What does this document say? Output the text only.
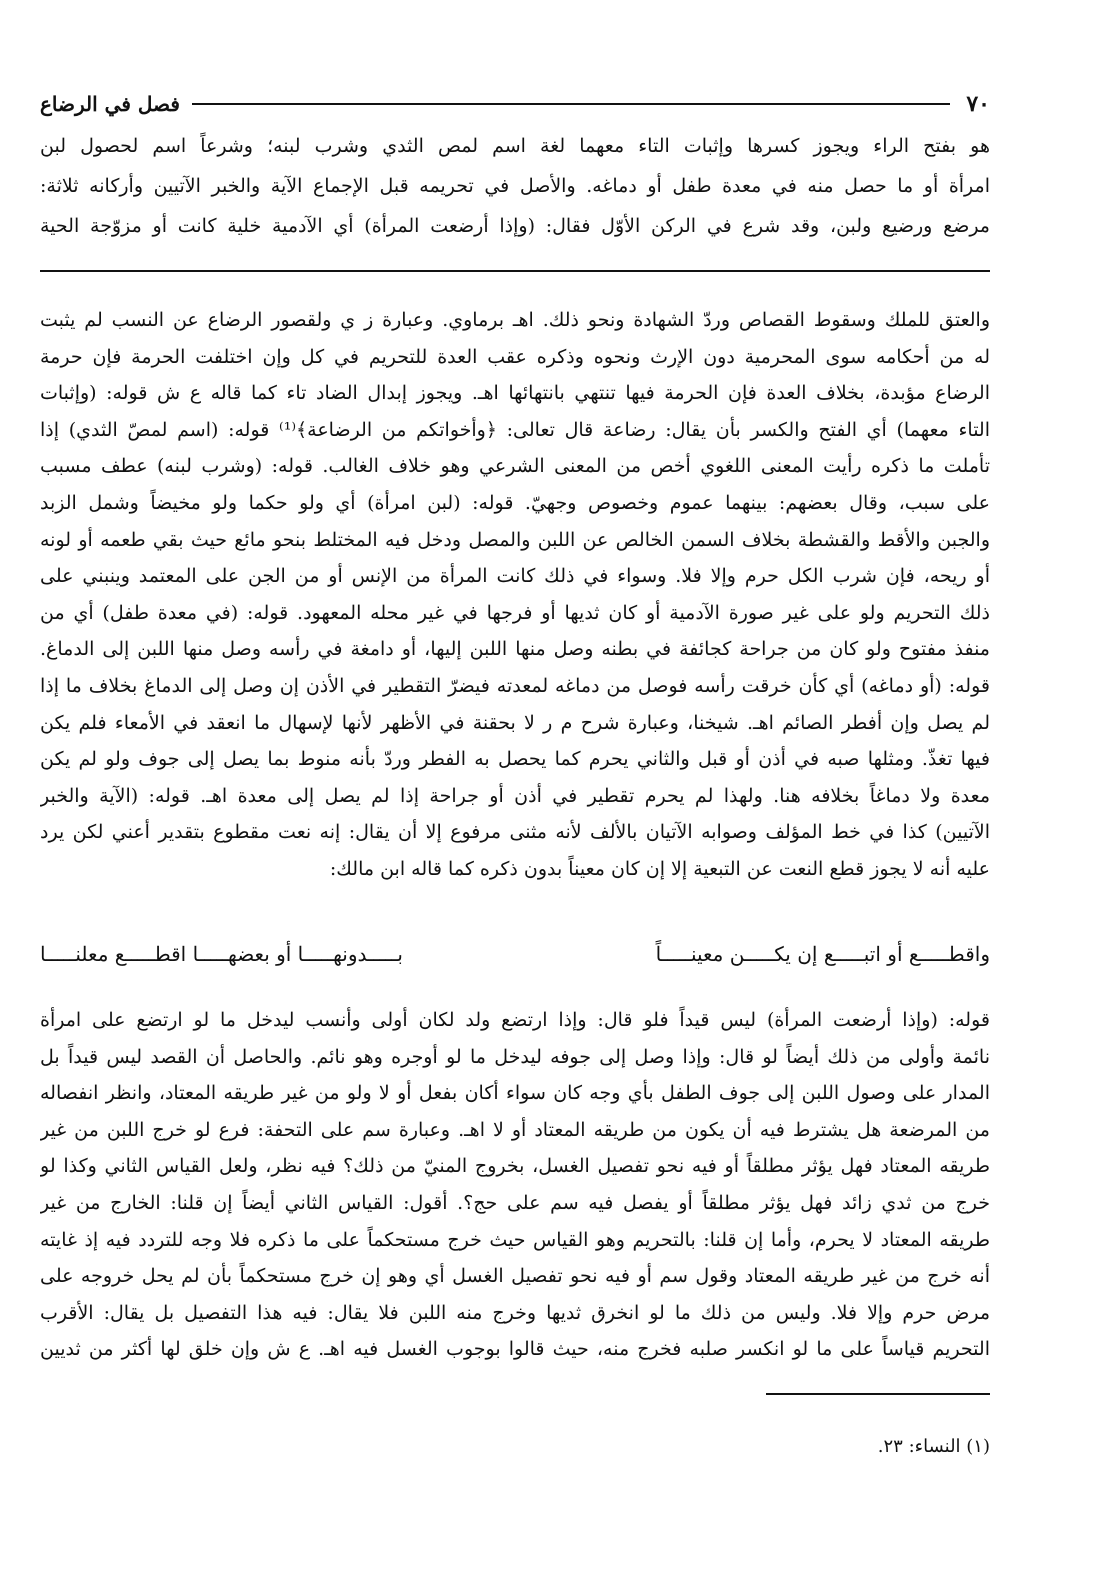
٧٠
فصل في الرضاع
هو بفتح الراء ويجوز كسرها وإثبات التاء معهما لغة اسم لمص الثدي وشرب لبنه؛ وشرعاً اسم لحصول لبن
امرأة أو ما حصل منه في معدة طفل أو دماغه. والأصل في تحريمه قبل الإجماع الآية والخبر الآتيين وأركانه ثلاثة:
مرضع ورضيع ولبن، وقد شرع في الركن الأوّل فقال: (وإذا أرضعت المرأة) أي الآدمية خلية كانت أو مزوّجة الحية
والعتق للملك وسقوط القصاص وردّ الشهادة ونحو ذلك. اهـ برماوي. وعبارة ز ي ولقصور الرضاع عن النسب لم يثبت
له من أحكامه سوى المحرمية دون الإرث ونحوه وذكره عقب العدة للتحريم في كل وإن اختلفت الحرمة فإن حرمة
الرضاع مؤبدة، بخلاف العدة فإن الحرمة فيها تنتهي بانتهائها اهـ. ويجوز إبدال الضاد تاء كما قاله ع ش قوله: (وإثبات
التاء معهما) أي الفتح والكسر بأن يقال: رضاعة قال تعالى: ﴿وأخواتكم من الرضاعة﴾⁽¹⁾ قوله: (اسم لمصّ الثدي) إذا
تأملت ما ذكره رأيت المعنى اللغوي أخص من المعنى الشرعي وهو خلاف الغالب. قوله: (وشرب لبنه) عطف مسبب
على سبب، وقال بعضهم: بينهما عموم وخصوص وجهيّ. قوله: (لبن امرأة) أي ولو حكما ولو مخيضاً وشمل الزبد
والجبن والأقط والقشطة بخلاف السمن الخالص عن اللبن والمصل ودخل فيه المختلط بنحو مائع حيث بقي طعمه أو لونه
أو ريحه، فإن شرب الكل حرم وإلا فلا. وسواء في ذلك كانت المرأة من الإنس أو من الجن على المعتمد وينبني على
ذلك التحريم ولو على غير صورة الآدمية أو كان ثديها أو فرجها في غير محله المعهود. قوله: (في معدة طفل) أي من
منفذ مفتوح ولو كان من جراحة كجائفة في بطنه وصل منها اللبن إليها، أو دامغة في رأسه وصل منها اللبن إلى الدماغ.
قوله: (أو دماغه) أي كأن خرقت رأسه فوصل من دماغه لمعدته فيضرّ التقطير في الأذن إن وصل إلى الدماغ بخلاف ما إذا
لم يصل وإن أفطر الصائم اهـ. شيخنا، وعبارة شرح م ر لا بحقنة في الأظهر لأنها لإسهال ما انعقد في الأمعاء فلم يكن
فيها تغذّ. ومثلها صبه في أذن أو قبل والثاني يحرم كما يحصل به الفطر وردّ بأنه منوط بما يصل إلى جوف ولو لم يكن
معدة ولا دماغاً بخلافه هنا. ولهذا لم يحرم تقطير في أذن أو جراحة إذا لم يصل إلى معدة اهـ. قوله: (الآية والخبر
الآتيين) كذا في خط المؤلف وصوابه الآتيان بالألف لأنه مثنى مرفوع إلا أن يقال: إنه نعت مقطوع بتقدير أعني لكن يرد
عليه أنه لا يجوز قطع النعت عن التبعية إلا إن كان معيناً بدون ذكره كما قاله ابن مالك:
واقطـــــع أو اتبـــــع إن يكـــــن معينـــــاً
بـــــدونهـــــا أو بعضهـــــا اقطـــــع معلنـــــا
قوله: (وإذا أرضعت المرأة) ليس قيداً فلو قال: وإذا ارتضع ولد لكان أولى وأنسب ليدخل ما لو ارتضع على امرأة
نائمة وأولى من ذلك أيضاً لو قال: وإذا وصل إلى جوفه ليدخل ما لو أوجره وهو نائم. والحاصل أن القصد ليس قيداً بل
المدار على وصول اللبن إلى جوف الطفل بأي وجه كان سواء أكان بفعل أو لا ولو من غير طريقه المعتاد، وانظر انفصاله
من المرضعة هل يشترط فيه أن يكون من طريقه المعتاد أو لا اهـ. وعبارة سم على التحفة: فرع لو خرج اللبن من غير
طريقه المعتاد فهل يؤثر مطلقاً أو فيه نحو تفصيل الغسل، بخروج المنيّ من ذلك؟ فيه نظر، ولعل القياس الثاني وكذا لو
خرج من ثدي زائد فهل يؤثر مطلقاً أو يفصل فيه سم على حج؟. أقول: القياس الثاني أيضاً إن قلنا: الخارج من غير
طريقه المعتاد لا يحرم، وأما إن قلنا: بالتحريم وهو القياس حيث خرج مستحكماً على ما ذكره فلا وجه للتردد فيه إذ غايته
أنه خرج من غير طريقه المعتاد وقول سم أو فيه نحو تفصيل الغسل أي وهو إن خرج مستحكماً بأن لم يحل خروجه على
مرض حرم وإلا فلا. وليس من ذلك ما لو انخرق ثديها وخرج منه اللبن فلا يقال: فيه هذا التفصيل بل يقال: الأقرب
التحريم قياساً على ما لو انكسر صلبه فخرج منه، حيث قالوا بوجوب الغسل فيه اهـ. ع ش وإن خلق لها أكثر من ثديين
(١) النساء: ٢٣.
